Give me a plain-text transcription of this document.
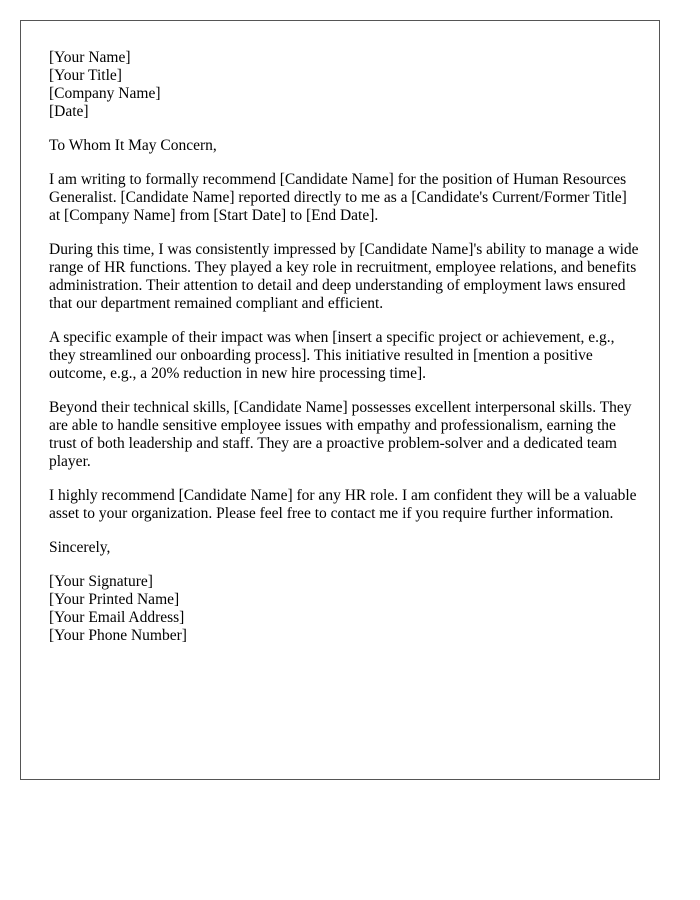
[Your Name]
[Your Title]
[Company Name]
[Date]

To Whom It May Concern,

I am writing to formally recommend [Candidate Name] for the position of Human Resources Generalist. [Candidate Name] reported directly to me as a [Candidate's Current/Former Title] at [Company Name] from [Start Date] to [End Date].

During this time, I was consistently impressed by [Candidate Name]'s ability to manage a wide range of HR functions. They played a key role in recruitment, employee relations, and benefits administration. Their attention to detail and deep understanding of employment laws ensured that our department remained compliant and efficient.

A specific example of their impact was when [insert a specific project or achievement, e.g., they streamlined our onboarding process]. This initiative resulted in [mention a positive outcome, e.g., a 20% reduction in new hire processing time].

Beyond their technical skills, [Candidate Name] possesses excellent interpersonal skills. They are able to handle sensitive employee issues with empathy and professionalism, earning the trust of both leadership and staff. They are a proactive problem-solver and a dedicated team player.

I highly recommend [Candidate Name] for any HR role. I am confident they will be a valuable asset to your organization. Please feel free to contact me if you require further information.

Sincerely,

[Your Signature]
[Your Printed Name]
[Your Email Address]
[Your Phone Number]
